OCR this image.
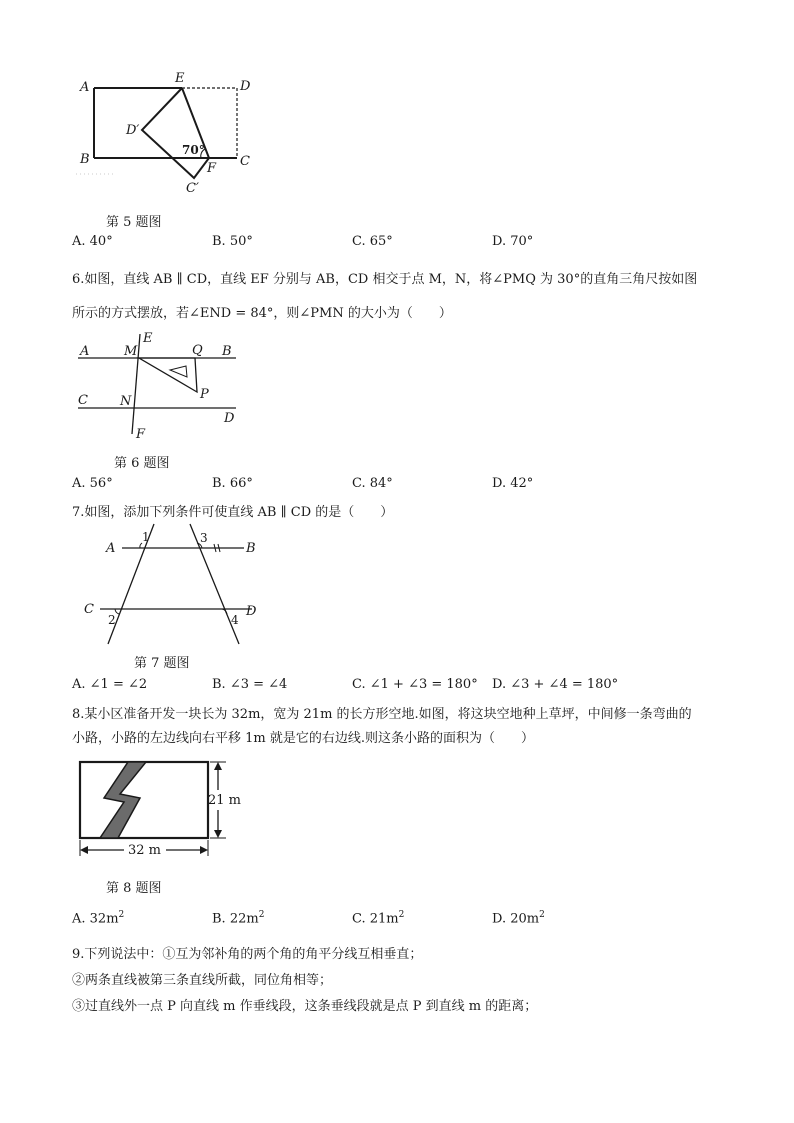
A
E
D
D′
B	C
F
C′
70°
第 5 题图
A. 40°	B. 50°	C. 65°	D. 70°
6.如图，直线 AB ∥ CD，直线 EF 分别与 AB，CD 相交于点 M，N，将∠PMQ 为 30°的直角三角尺按如图
所示的方式摆放，若∠END = 84°，则∠PMN 的大小为（　　）
A	M
E
Q B
C N	P
D
F
第 6 题图
A. 56°	B. 66°	C. 84°	D. 42°
7.如图，添加下列条件可使直线 AB ∥ CD 的是（　　）
A	B
C	D
1	3
2	4
第 7 题图
A. ∠1 = ∠2	B. ∠3 = ∠4	C. ∠1 + ∠3 = 180° D. ∠3 + ∠4 = 180°
8.某小区准备开发一块长为 32m，宽为 21m 的长方形空地.如图，将这块空地种上草坪，中间修一条弯曲的
小路，小路的左边线向右平移 1m 就是它的右边线.则这条小路的面积为（　　）
21 m
32 m
第 8 题图
A. $32m^2$	B. $22m^2$	C. $21m^2$	D. $20m^2$
9.下列说法中：①互为邻补角的两个角的角平分线互相垂直；
②两条直线被第三条直线所截，同位角相等；
③过直线外一点 P 向直线 m 作垂线段，这条垂线段就是点 P 到直线 m 的距离；
